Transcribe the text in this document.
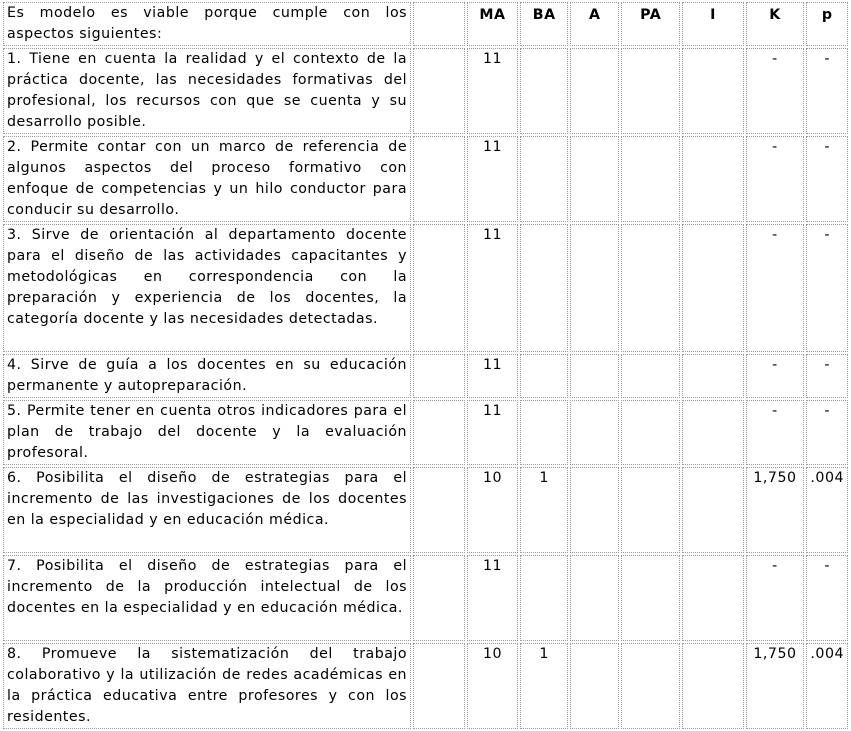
Es modelo es viable porque cumple con los aspectos siguientes:		MA	BA	A	PA	I	K	p
1. Tiene en cuenta la realidad y el contexto de la práctica docente, las necesidades formativas del profesional, los recursos con que se cuenta y su desarrollo posible.		11					-	-
2. Permite contar con un marco de referencia de algunos aspectos del proceso formativo con enfoque de competencias y un hilo conductor para conducir su desarrollo.		11					-	-
3. Sirve de orientación al departamento docente para el diseño de las actividades capacitantes y metodológicas en correspondencia con la preparación y experiencia de los docentes, la categoría docente y las necesidades detectadas.		11					-	-
4. Sirve de guía a los docentes en su educación permanente y autopreparación.		11					-	-
5. Permite tener en cuenta otros indicadores para el plan de trabajo del docente y la evaluación profesoral.		11					-	-
6. Posibilita el diseño de estrategias para el incremento de las investigaciones de los docentes en la especialidad y en educación médica.		10	1				1,750	.004
7. Posibilita el diseño de estrategias para el incremento de la producción intelectual de los docentes en la especialidad y en educación médica.		11					-	-
8. Promueve la sistematización del trabajo colaborativo y la utilización de redes académicas en la práctica educativa entre profesores y con los residentes.		10	1				1,750	.004
